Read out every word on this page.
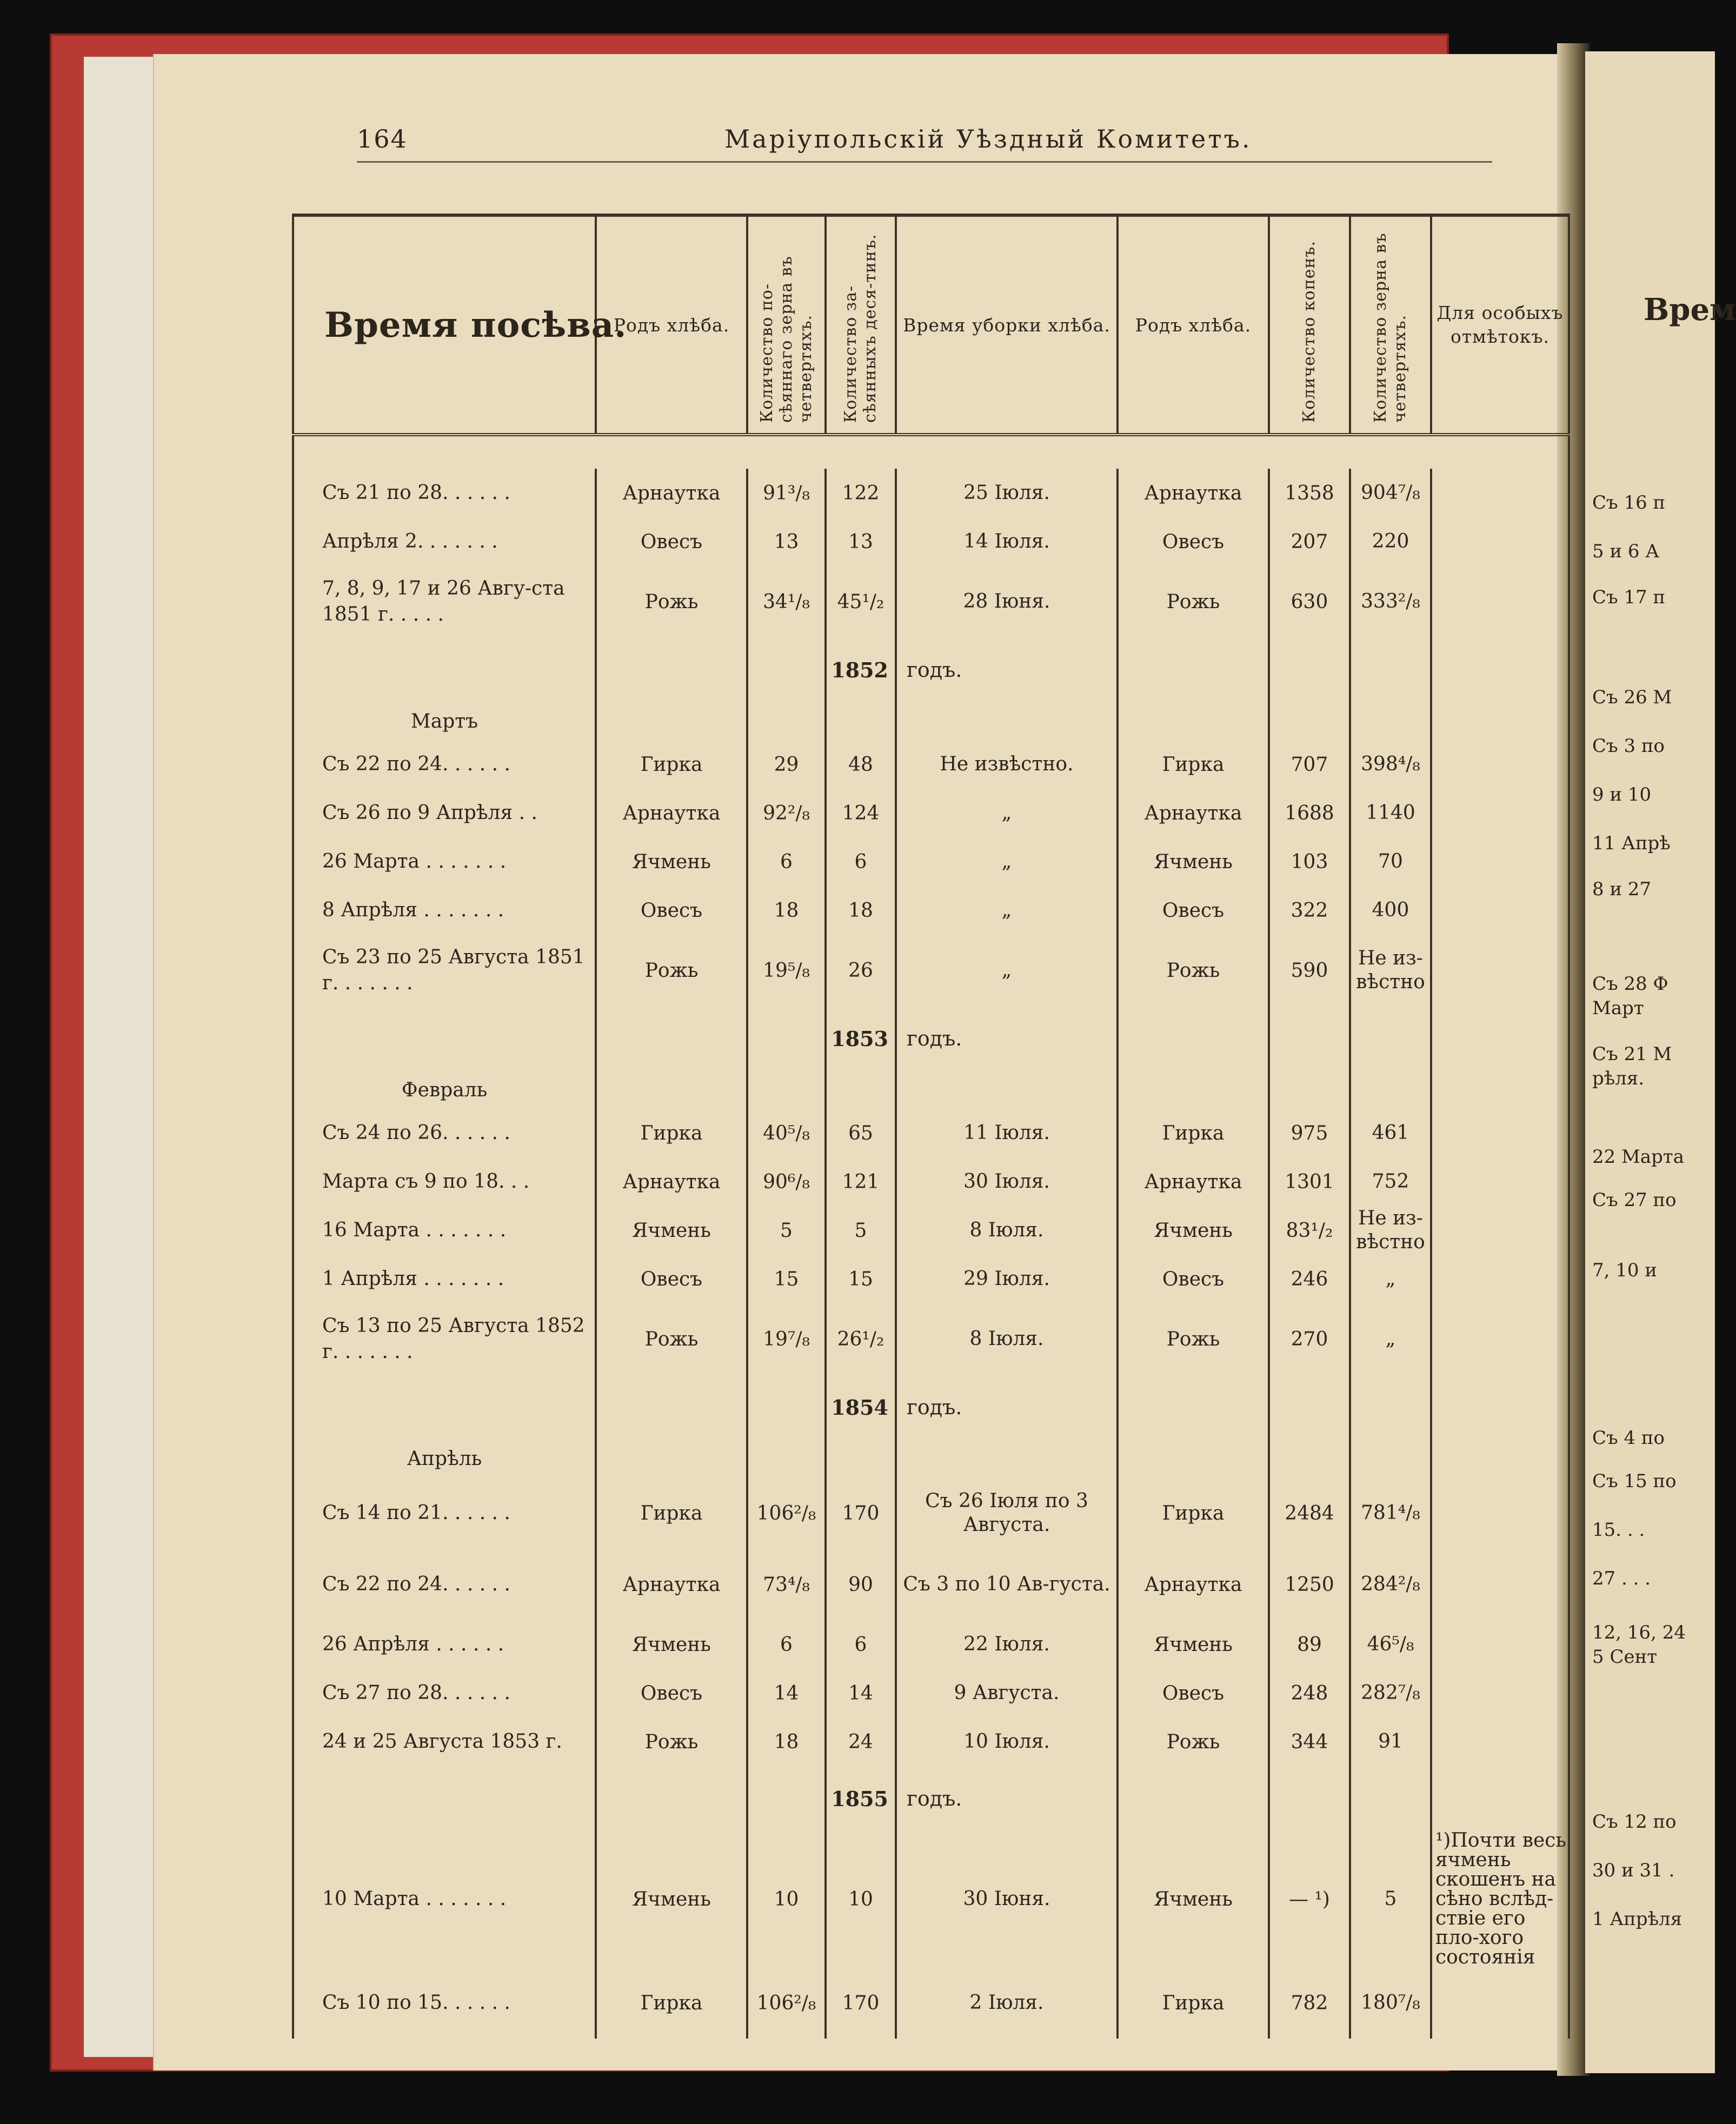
164	Маріупольскій Уѣздный Комитетъ.
Время посѣва.	Родъ хлѣба.	Количество по-сѣяннаго зерна въ четвертяхъ.	Количество за-сѣянныхъ деся-тинъ.	Время уборки хлѣба.	Родъ хлѣба.	Количество копенъ.	Количество зерна въ четвертяхъ.	Для особыхъ отмѣтокъ.

Съ 21 по 28. . . . . .	Арнаутка	91³/₈	122	25 Іюля.	Арнаутка	1358	904⁷/₈	
Апрѣля 2. . . . . . .	Овесъ	13	13	14 Іюля.	Овесъ	207	220	
7, 8, 9, 17 и 26 Авгу-ста 1851 г. . . . .	Рожь	34¹/₈	45¹/₂	28 Іюня.	Рожь	630	333²/₈	
			1852	годъ.				
Мартъ								
Съ 22 по 24. . . . . .	Гирка	29	48	Не извѣстно.	Гирка	707	398⁴/₈	
Съ 26 по 9 Апрѣля . .	Арнаутка	92²/₈	124	„	Арнаутка	1688	1140	
26 Марта . . . . . . .	Ячмень	6	6	„	Ячмень	103	70	
8 Апрѣля . . . . . . .	Овесъ	18	18	„	Овесъ	322	400	
Съ 23 по 25 Августа 1851 г. . . . . . .	Рожь	19⁵/₈	26	„	Рожь	590	Не из-вѣстно	
			1853	годъ.				
Февраль								
Съ 24 по 26. . . . . .	Гирка	40⁵/₈	65	11 Іюля.	Гирка	975	461	
Марта съ 9 по 18. . .	Арнаутка	90⁶/₈	121	30 Іюля.	Арнаутка	1301	752	
16 Марта . . . . . . .	Ячмень	5	5	8 Іюля.	Ячмень	83¹/₂	Не из-вѣстно	
1 Апрѣля . . . . . . .	Овесъ	15	15	29 Іюля.	Овесъ	246	„	
Съ 13 по 25 Августа 1852 г. . . . . . .	Рожь	19⁷/₈	26¹/₂	8 Іюля.	Рожь	270	„	
			1854	годъ.				
Апрѣль								
Съ 14 по 21. . . . . .	Гирка	106²/₈	170	Съ 26 Іюля по 3 Августа.	Гирка	2484	781⁴/₈	
Съ 22 по 24. . . . . .	Арнаутка	73⁴/₈	90	Съ 3 по 10 Ав-густа.	Арнаутка	1250	284²/₈	
26 Апрѣля . . . . . .	Ячмень	6	6	22 Іюля.	Ячмень	89	46⁵/₈	
Съ 27 по 28. . . . . .	Овесъ	14	14	9 Августа.	Овесъ	248	282⁷/₈	
24 и 25 Августа 1853 г.	Рожь	18	24	10 Іюля.	Рожь	344	91	
			1855	годъ.				
10 Марта . . . . . . .	Ячмень	10	10	30 Іюня.	Ячмень	— ¹)	5	¹)Почти весь ячмень скошенъ на сѣно вслѣд-ствіе его пло-хого состоянія
Съ 10 по 15. . . . . .	Гирка	106²/₈	170	2 Іюля.	Гирка	782	180⁷/₈	
Врем
Съ 16 п
5 и 6 А
Съ 17 п
Съ 26 М
Съ 3 по
9 и 10
11 Апрѣ
8 и 27
Съ 28 Ф
Март
Съ 21 М
рѣля.
22 Марта
Съ 27 по
7, 10 и
Съ 4 по
Съ 15 по
15. . .
27 . . .
12, 16, 24
5 Сент
Съ 12 по
30 и 31 .
1 Апрѣля
